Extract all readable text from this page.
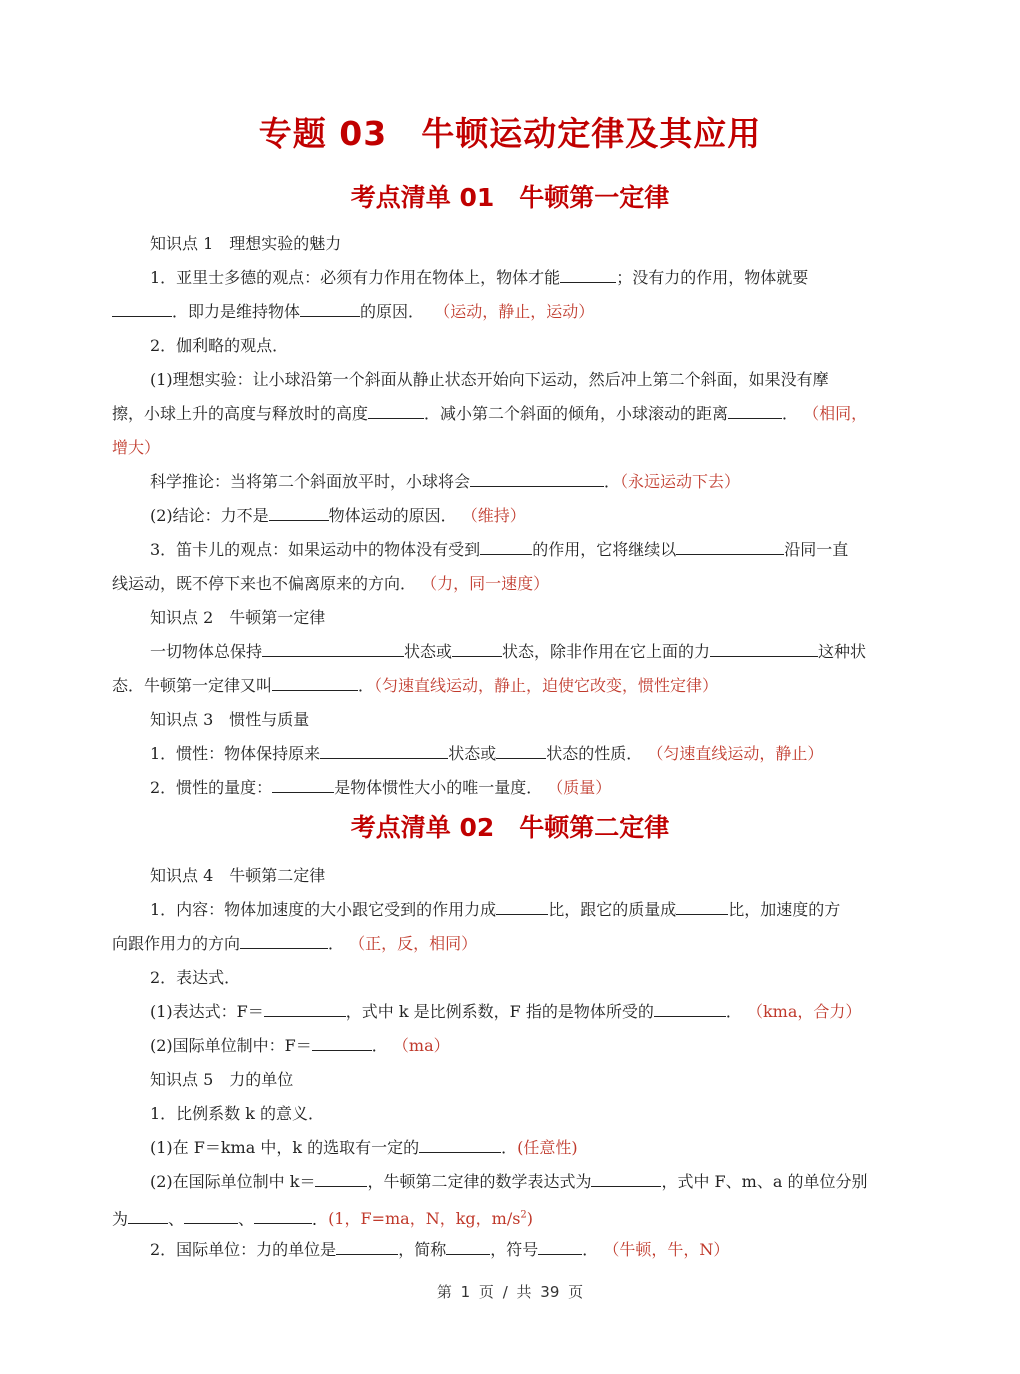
专题 03　牛顿运动定律及其应用
考点清单 01　牛顿第一定律
知识点 1　理想实验的魅力
1．亚里士多德的观点：必须有力作用在物体上，物体才能	；没有力的作用，物体就要
．即力是维持物体	的原因． （运动，静止，运动）
2．伽利略的观点．
(1)理想实验：让小球沿第一个斜面从静止状态开始向下运动，然后冲上第二个斜面，如果没有摩
擦，小球上升的高度与释放时的高度	．减小第二个斜面的倾角，小球滚动的距离	． （相同，
增大）
科学推论：当将第二个斜面放平时，小球将会	．（永远运动下去）
(2)结论：力不是	物体运动的原因． （维持）
3．笛卡儿的观点：如果运动中的物体没有受到	的作用，它将继续以	沿同一直
线运动，既不停下来也不偏离原来的方向． （力，同一速度）
知识点 2　牛顿第一定律
一切物体总保持	状态或	状态，除非作用在它上面的力	这种状
态．牛顿第一定律又叫	．（匀速直线运动，静止，迫使它改变，惯性定律）
知识点 3　惯性与质量
1．惯性：物体保持原来	状态或	状态的性质． （匀速直线运动，静止）
2．惯性的量度：	是物体惯性大小的唯一量度． （质量）
考点清单 02　牛顿第二定律
知识点 4　牛顿第二定律
1．内容：物体加速度的大小跟它受到的作用力成	比，跟它的质量成	比，加速度的方
向跟作用力的方向	． （正，反，相同）
2．表达式．
(1)表达式：F＝	，式中 k 是比例系数，F 指的是物体所受的	． （kma，合力）
(2)国际单位制中：F＝	． （ma）
知识点 5　力的单位
1．比例系数 k 的意义．
(1)在 F＝kma 中，k 的选取有一定的	．(任意性)
(2)在国际单位制中 k＝	，牛顿第二定律的数学表达式为	，式中 F、m、a 的单位分别
为	、	、	．(1，F=ma，N，kg，$m/s^2$)
2．国际单位：力的单位是	，简称	，符号	． （牛顿，牛，N）
第 1 页 / 共 39 页
